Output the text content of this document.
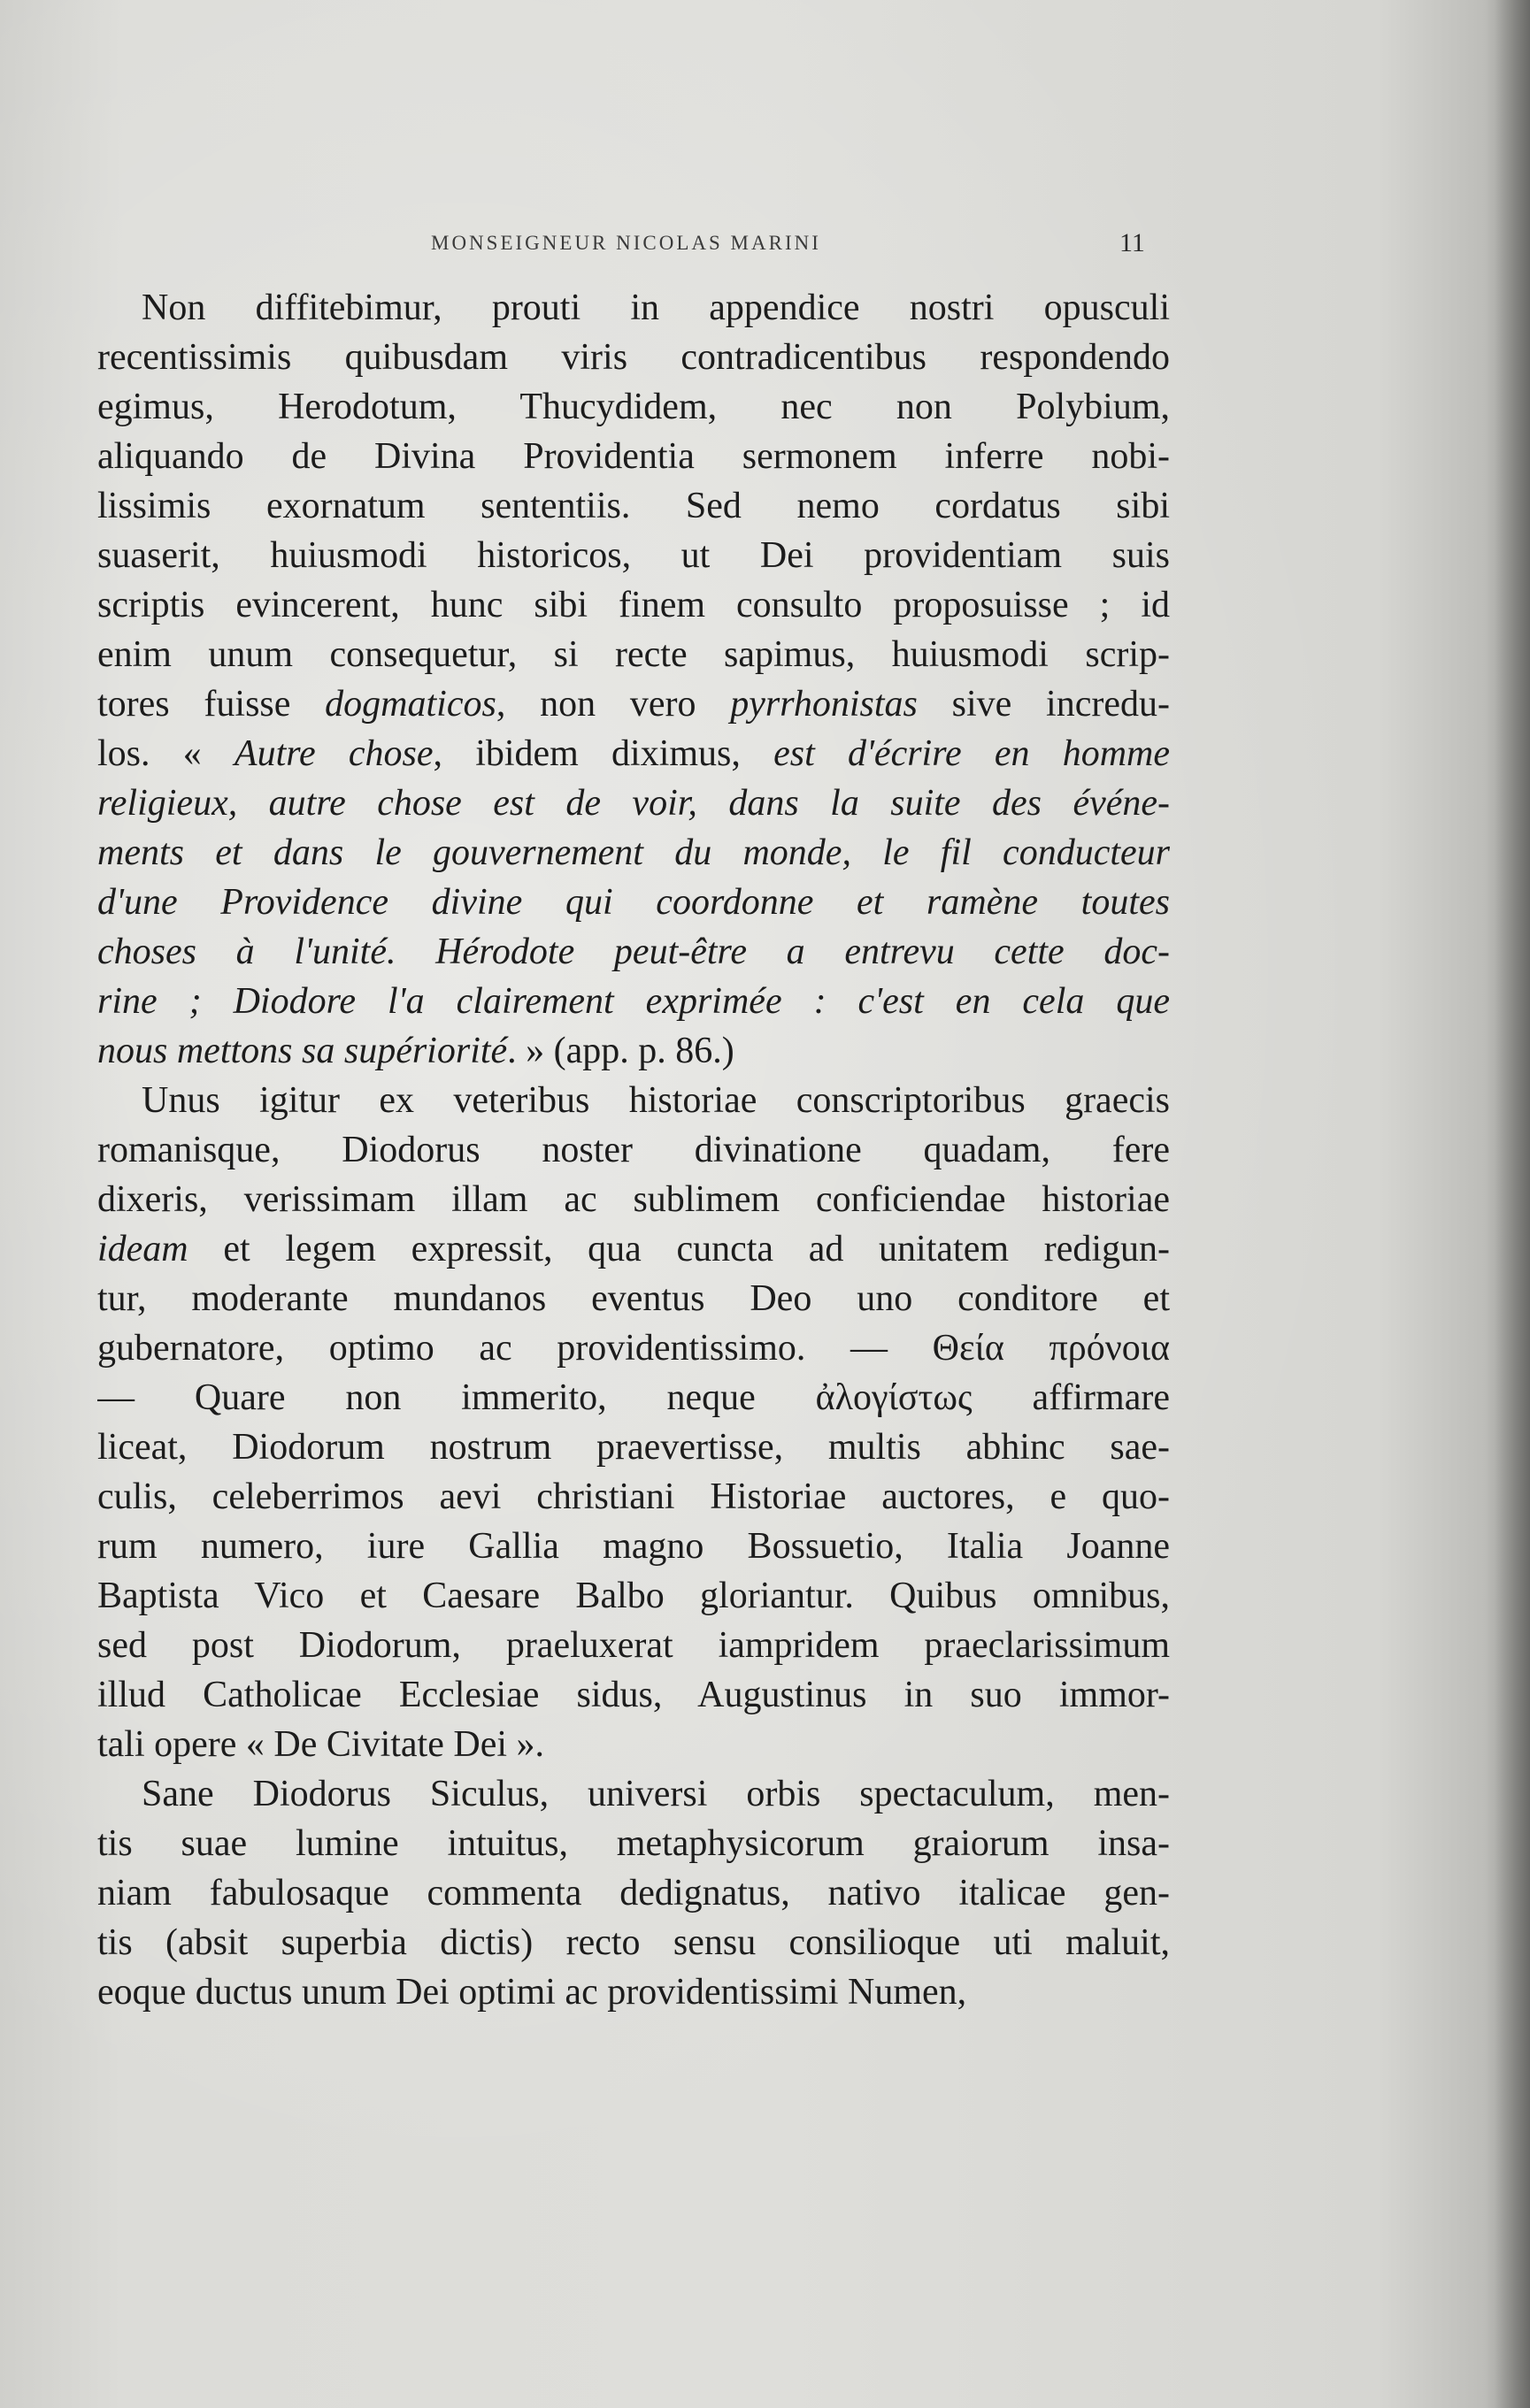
MONSEIGNEUR NICOLAS MARINI	11
Non diffitebimur, prouti in appendice nostri opusculi
recentissimis quibusdam viris contradicentibus respondendo
egimus, Herodotum, Thucydidem, nec non Polybium,
aliquando de Divina Providentia sermonem inferre nobi-
lissimis exornatum sententiis. Sed nemo cordatus sibi
suaserit, huiusmodi historicos, ut Dei providentiam suis
scriptis evincerent, hunc sibi finem consulto proposuisse ; id
enim unum consequetur, si recte sapimus, huiusmodi scrip-
tores fuisse dogmaticos, non vero pyrrhonistas sive incredu-
los. « Autre chose, ibidem diximus, est d'écrire en homme
religieux, autre chose est de voir, dans la suite des événe-
ments et dans le gouvernement du monde, le fil conducteur
d'une Providence divine qui coordonne et ramène toutes
choses à l'unité. Hérodote peut-être a entrevu cette doc-
rine ; Diodore l'a clairement exprimée : c'est en cela que
nous mettons sa supériorité. » (app. p. 86.)
Unus igitur ex veteribus historiae conscriptoribus graecis
romanisque, Diodorus noster divinatione quadam, fere
dixeris, verissimam illam ac sublimem conficiendae historiae
ideam et legem expressit, qua cuncta ad unitatem redigun-
tur, moderante mundanos eventus Deo uno conditore et
gubernatore, optimo ac providentissimo. — Θεία πρόνοια
— Quare non immerito, neque ἀλογίστως affirmare
liceat, Diodorum nostrum praevertisse, multis abhinc sae-
culis, celeberrimos aevi christiani Historiae auctores, e quo-
rum numero, iure Gallia magno Bossuetio, Italia Joanne
Baptista Vico et Caesare Balbo gloriantur. Quibus omnibus,
sed post Diodorum, praeluxerat iampridem praeclarissimum
illud Catholicae Ecclesiae sidus, Augustinus in suo immor-
tali opere « De Civitate Dei ».
Sane Diodorus Siculus, universi orbis spectaculum, men-
tis suae lumine intuitus, metaphysicorum graiorum insa-
niam fabulosaque commenta dedignatus, nativo italicae gen-
tis (absit superbia dictis) recto sensu consilioque uti maluit,
eoque ductus unum Dei optimi ac providentissimi Numen,
